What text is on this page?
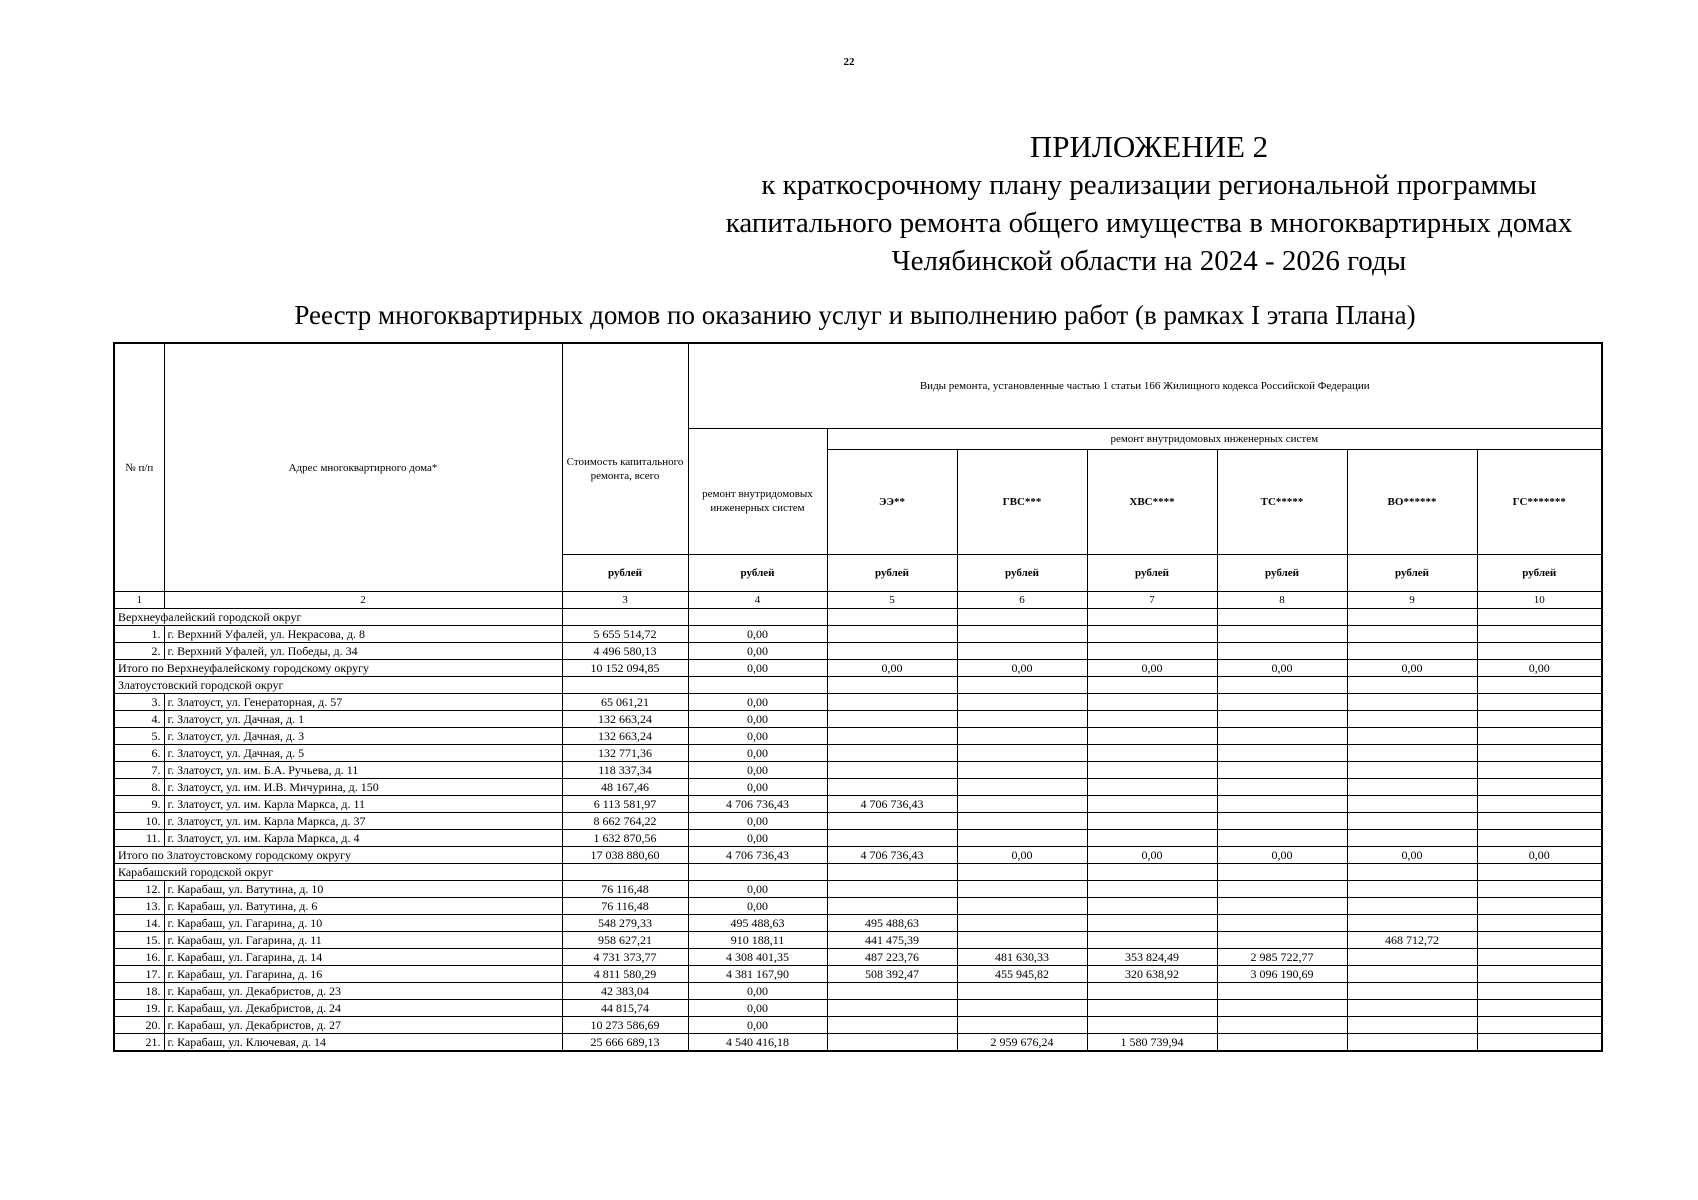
22
ПРИЛОЖЕНИЕ 2
к краткосрочному плану реализации региональной программы
капитального ремонта общего имущества в многоквартирных домах
Челябинской области на 2024 - 2026 годы
Реестр многоквартирных домов по оказанию услуг и выполнению работ (в рамках I этапа Плана)
№ п/п	Адрес многоквартирного дома*	Стоимость капитального ремонта, всего	Виды ремонта, установленные частью 1 статьи 166 Жилищного кодекса Российской Федерации						
			ремонт внутридомовых инженерных систем	ремонт внутридомовых инженерных систем					
				ЭЭ**	ГВС***	ХВС****	ТС*****	ВО******	ГС*******
		рублей	рублей	рублей	рублей	рублей	рублей	рублей	рублей
1	2	3	4	5	6	7	8	9	10
Верхнеуфалейский городской округ									
1.	г. Верхний Уфалей, ул. Некрасова, д. 8	5 655 514,72	0,00						
2.	г. Верхний Уфалей, ул. Победы, д. 34	4 496 580,13	0,00						
Итого по Верхнеуфалейскому городскому округу		10 152 094,85	0,00	0,00	0,00	0,00	0,00	0,00	0,00
Златоустовский городской округ									
3.	г. Златоуст, ул. Генераторная, д. 57	65 061,21	0,00						
4.	г. Златоуст, ул. Дачная, д. 1	132 663,24	0,00						
5.	г. Златоуст, ул. Дачная, д. 3	132 663,24	0,00						
6.	г. Златоуст, ул. Дачная, д. 5	132 771,36	0,00						
7.	г. Златоуст, ул. им. Б.А. Ручьева, д. 11	118 337,34	0,00						
8.	г. Златоуст, ул. им. И.В. Мичурина, д. 150	48 167,46	0,00						
9.	г. Златоуст, ул. им. Карла Маркса, д. 11	6 113 581,97	4 706 736,43	4 706 736,43					
10.	г. Златоуст, ул. им. Карла Маркса, д. 37	8 662 764,22	0,00						
11.	г. Златоуст, ул. им. Карла Маркса, д. 4	1 632 870,56	0,00						
Итого по Златоустовскому городскому округу		17 038 880,60	4 706 736,43	4 706 736,43	0,00	0,00	0,00	0,00	0,00
Карабашский городской округ									
12.	г. Карабаш, ул. Ватутина, д. 10	76 116,48	0,00						
13.	г. Карабаш, ул. Ватутина, д. 6	76 116,48	0,00						
14.	г. Карабаш, ул. Гагарина, д. 10	548 279,33	495 488,63	495 488,63					
15.	г. Карабаш, ул. Гагарина, д. 11	958 627,21	910 188,11	441 475,39				468 712,72	
16.	г. Карабаш, ул. Гагарина, д. 14	4 731 373,77	4 308 401,35	487 223,76	481 630,33	353 824,49	2 985 722,77		
17.	г. Карабаш, ул. Гагарина, д. 16	4 811 580,29	4 381 167,90	508 392,47	455 945,82	320 638,92	3 096 190,69		
18.	г. Карабаш, ул. Декабристов, д. 23	42 383,04	0,00						
19.	г. Карабаш, ул. Декабристов, д. 24	44 815,74	0,00						
20.	г. Карабаш, ул. Декабристов, д. 27	10 273 586,69	0,00						
21.	г. Карабаш, ул. Ключевая, д. 14	25 666 689,13	4 540 416,18		2 959 676,24	1 580 739,94			
